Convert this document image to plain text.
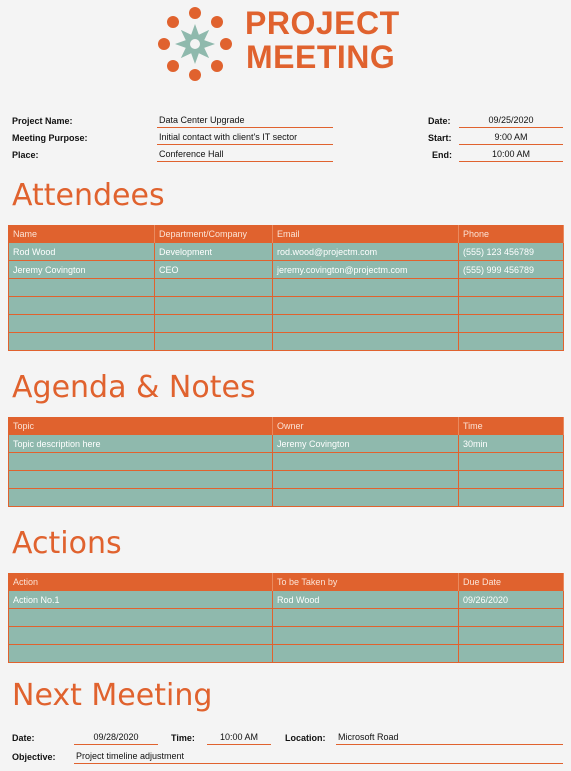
PROJECT
MEETING
Project Name:	Data Center Upgrade
Meeting Purpose:	Initial contact with client's IT sector
Place:	Conference Hall
Date:	09/25/2020
Start:	9:00 AM
End:	10:00 AM
Attendees
Name	Department/Company	Email	Phone
Rod Wood	Development	rod.wood@projectm.com	(555) 123 456789
Jeremy Covington	CEO	jeremy.covington@projectm.com	(555) 999 456789

Agenda & Notes
Topic	Owner	Time
Topic description here	Jeremy Covington	30min

Actions
Action	To be Taken by	Due Date
Action No.1	Rod Wood	09/26/2020

Next Meeting
Date:	09/28/2020	Time:	10:00 AM	Location: Microsoft Road
Objective: Project timeline adjustment
